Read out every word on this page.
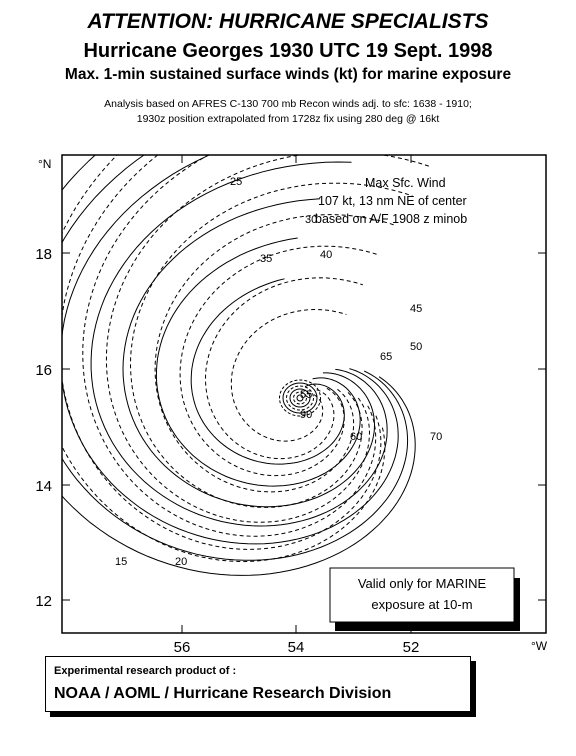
ATTENTION: HURRICANE SPECIALISTS
Hurricane Georges 1930 UTC 19 Sept. 1998
Max. 1-min sustained surface winds (kt) for marine exposure
Analysis based on AFRES C-130 700 mb Recon winds adj. to sfc: 1638 - 1910;
1930z position extrapolated from 1728z fix using 280 deg @ 16kt
25
30
35	40
45
50
55
60
65
70
90
15	20
18
16
14
12
°N
56	54	52	°W
Max Sfc. Wind
107 kt, 13 nm NE of center
based on A/F 1908 z minob
Valid only for MARINE
exposure at 10-m
Experimental research product of :
NOAA / AOML / Hurricane Research Division
